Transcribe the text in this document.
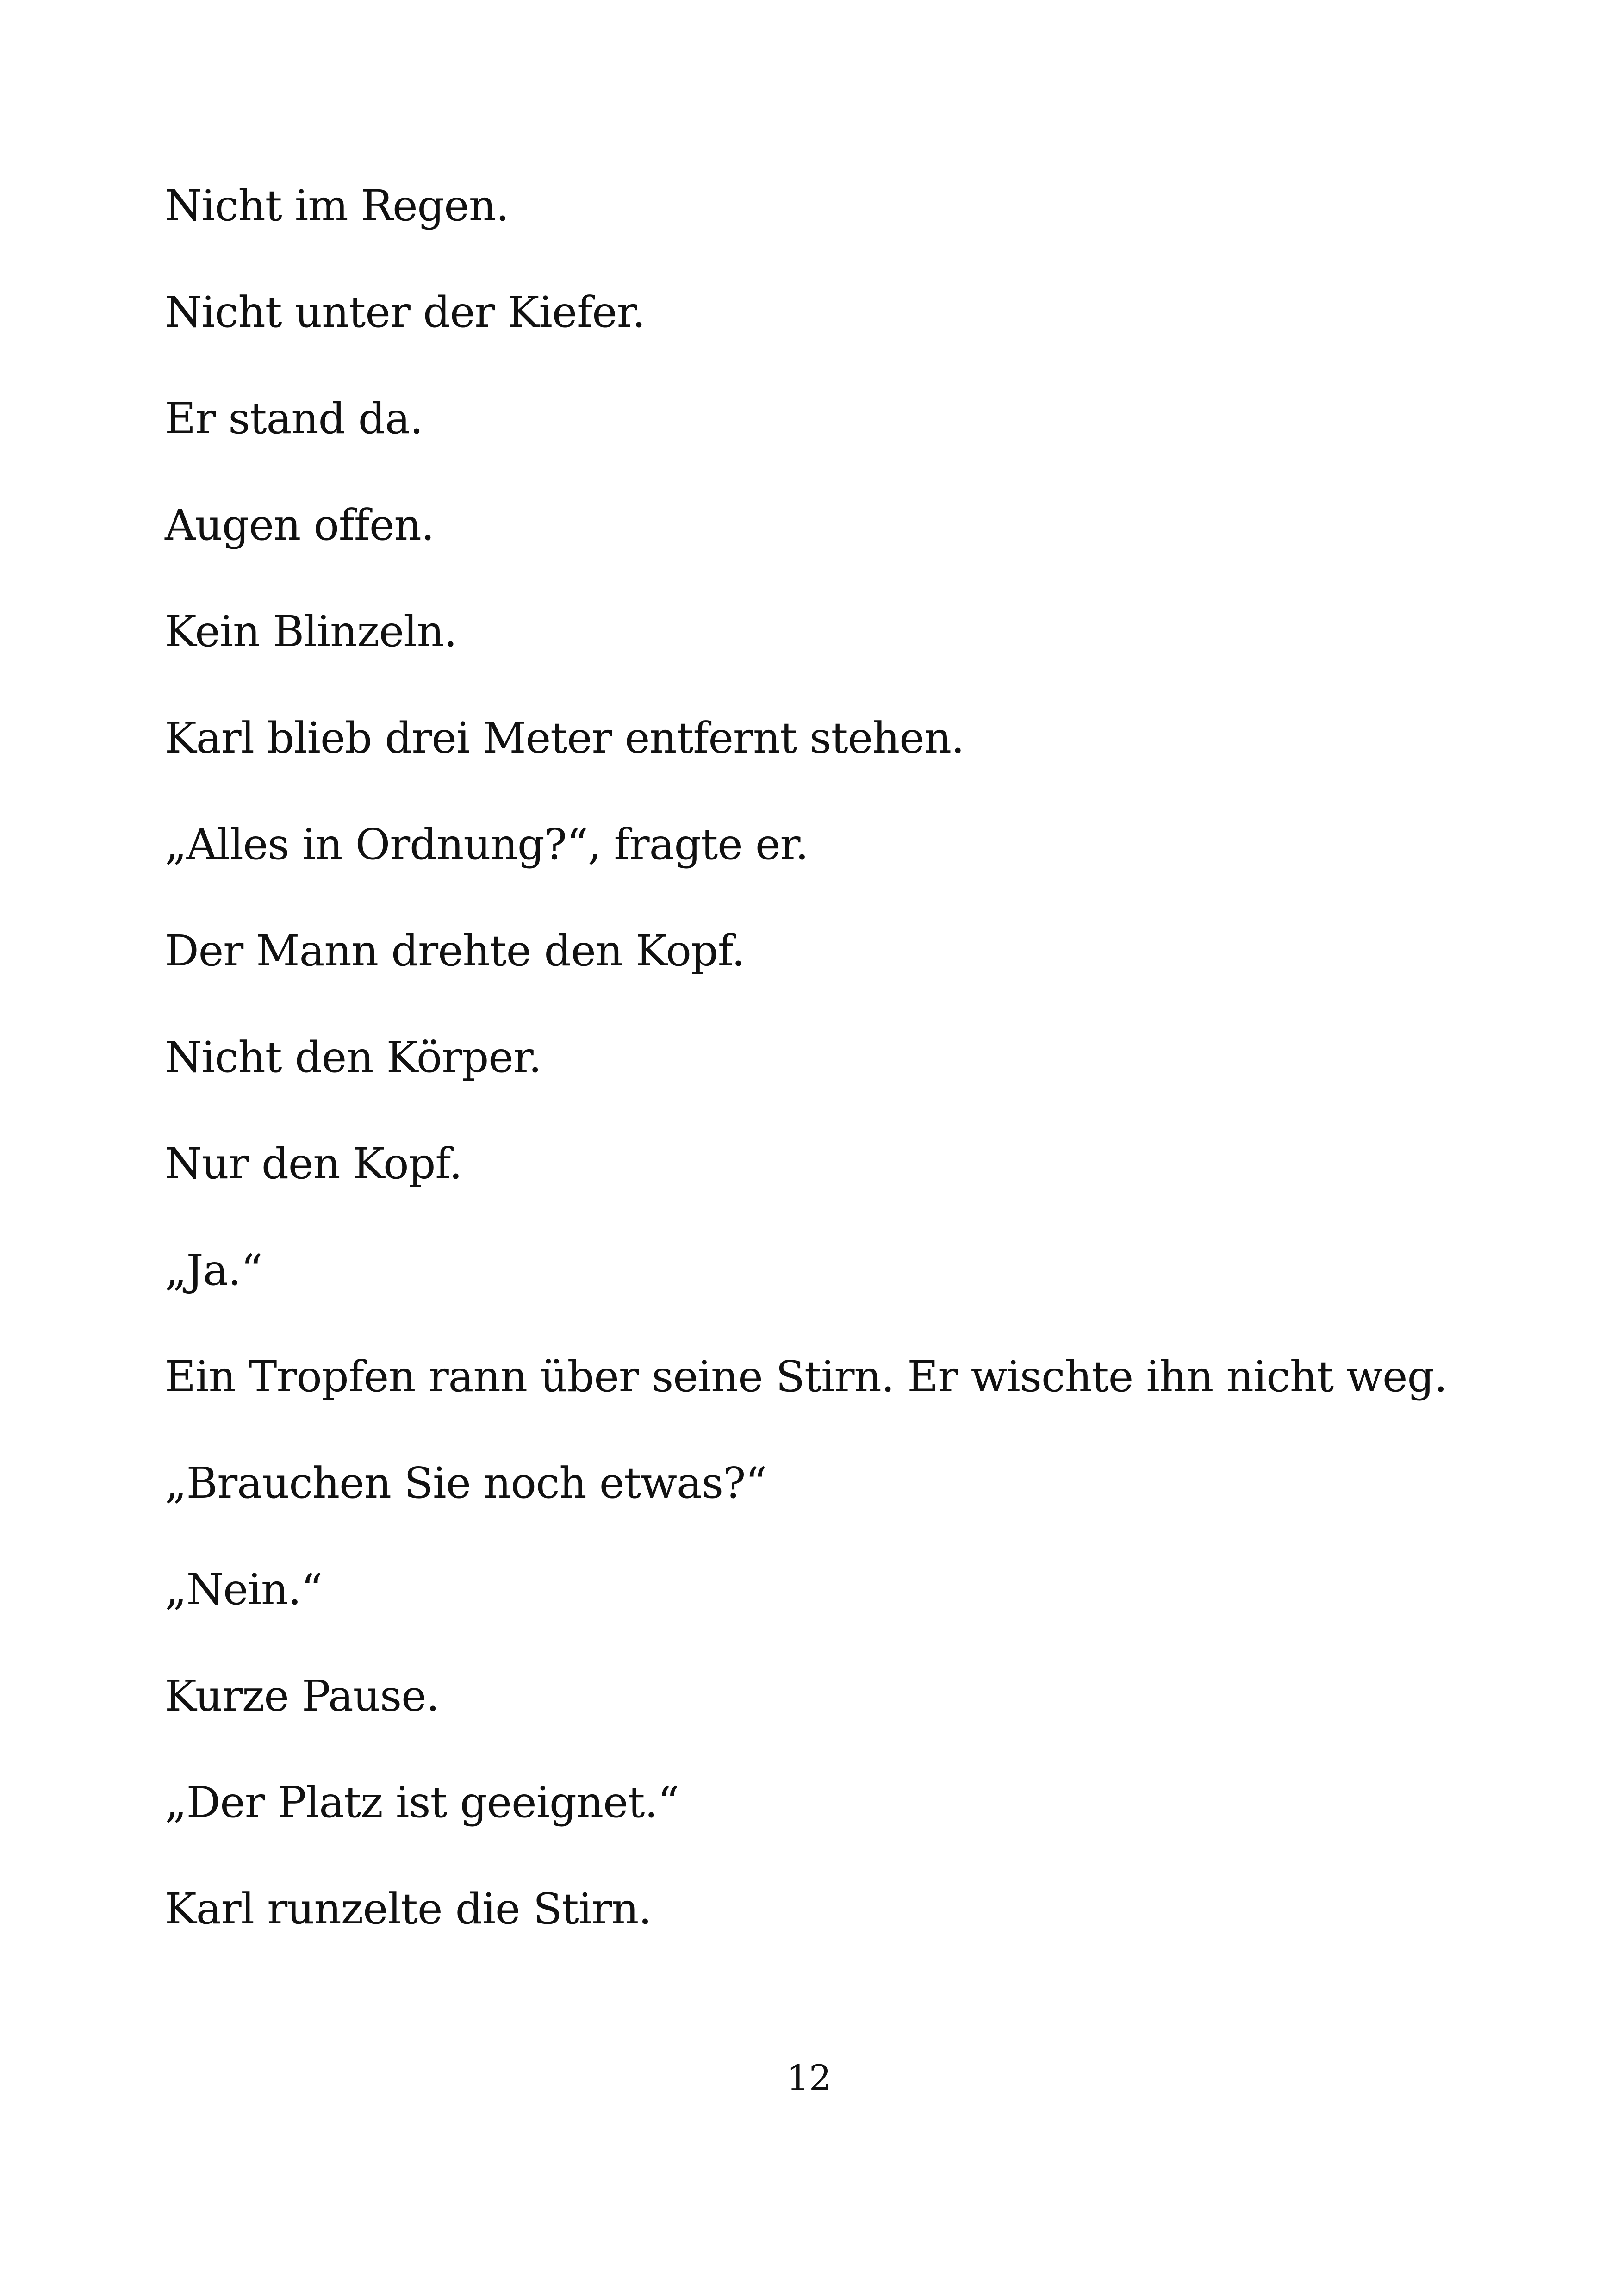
Nicht im Regen.
Nicht unter der Kiefer.
Er stand da.
Augen offen.
Kein Blinzeln.
Karl blieb drei Meter entfernt stehen.
„Alles in Ordnung?“, fragte er.
Der Mann drehte den Kopf.
Nicht den Körper.
Nur den Kopf.
„Ja.“
Ein Tropfen rann über seine Stirn. Er wischte ihn nicht weg.
„Brauchen Sie noch etwas?“
„Nein.“
Kurze Pause.
„Der Platz ist geeignet.“
Karl runzelte die Stirn.
12
